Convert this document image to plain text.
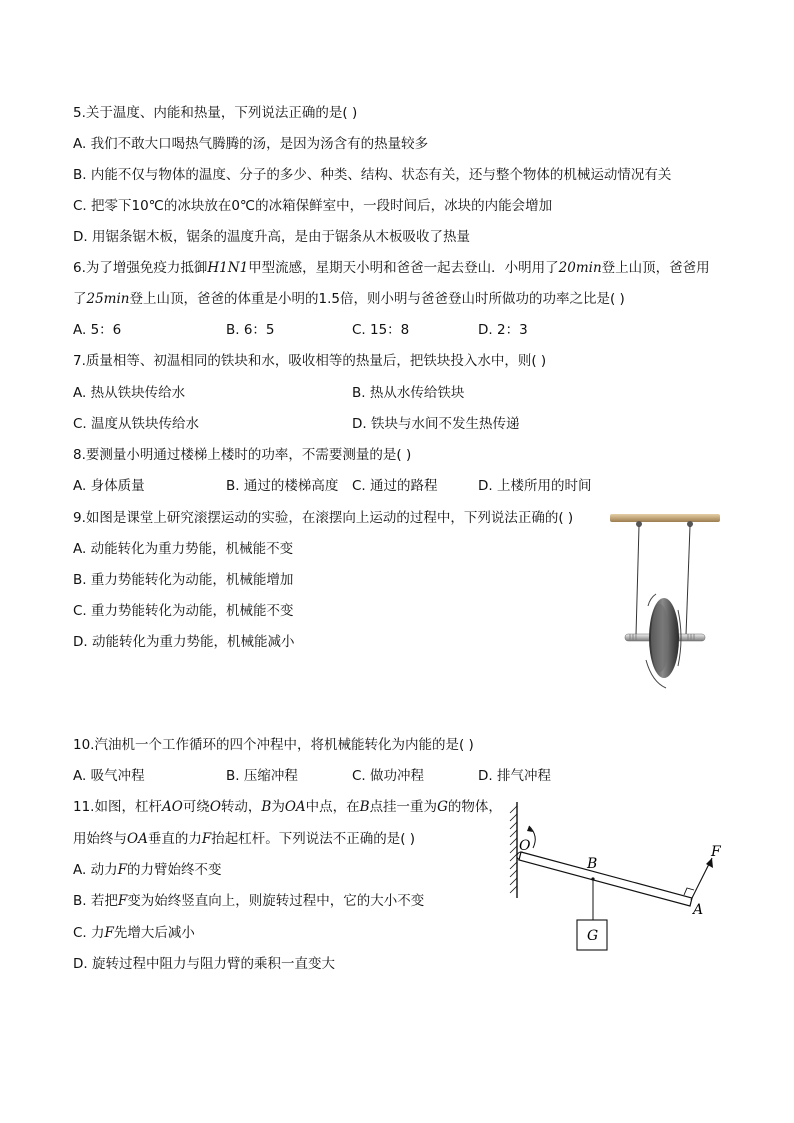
5.关于温度、内能和热量，下列说法正确的是( )
A. 我们不敢大口喝热气腾腾的汤，是因为汤含有的热量较多
B. 内能不仅与物体的温度、分子的多少、种类、结构、状态有关，还与整个物体的机械运动情况有关
C. 把零下10℃的冰块放在0℃的冰箱保鲜室中，一段时间后，冰块的内能会增加
D. 用锯条锯木板，锯条的温度升高，是由于锯条从木板吸收了热量
6.为了增强免疫力抵御H1N1甲型流感，星期天小明和爸爸一起去登山．小明用了20min登上山顶，爸爸用
了25min登上山顶，爸爸的体重是小明的1.5倍，则小明与爸爸登山时所做功的功率之比是( )
A. 5：6	B. 6：5	C. 15：8	D. 2：3
7.质量相等、初温相同的铁块和水，吸收相等的热量后，把铁块投入水中，则( )
A. 热从铁块传给水	B. 热从水传给铁块
C. 温度从铁块传给水	D. 铁块与水间不发生热传递
8.要测量小明通过楼梯上楼时的功率，不需要测量的是( )
A. 身体质量	B. 通过的楼梯高度 C. 通过的路程	D. 上楼所用的时间
9.如图是课堂上研究滚摆运动的实验，在滚摆向上运动的过程中，下列说法正确的( )
A. 动能转化为重力势能，机械能不变
B. 重力势能转化为动能，机械能增加
C. 重力势能转化为动能，机械能不变
D. 动能转化为重力势能，机械能减小
10.汽油机一个工作循环的四个冲程中，将机械能转化为内能的是( )
A. 吸气冲程	B. 压缩冲程	C. 做功冲程	D. 排气冲程
11.如图，杠杆AO可绕O转动，B为OA中点，在B点挂一重为G的物体，
用始终与OA垂直的力F抬起杠杆。下列说法不正确的是( )
A. 动力F的力臂始终不变
B. 若把F变为始终竖直向上，则旋转过程中，它的大小不变
C. 力F先增大后减小
D. 旋转过程中阻力与阻力臂的乘积一直变大
O
B
A
F
G
